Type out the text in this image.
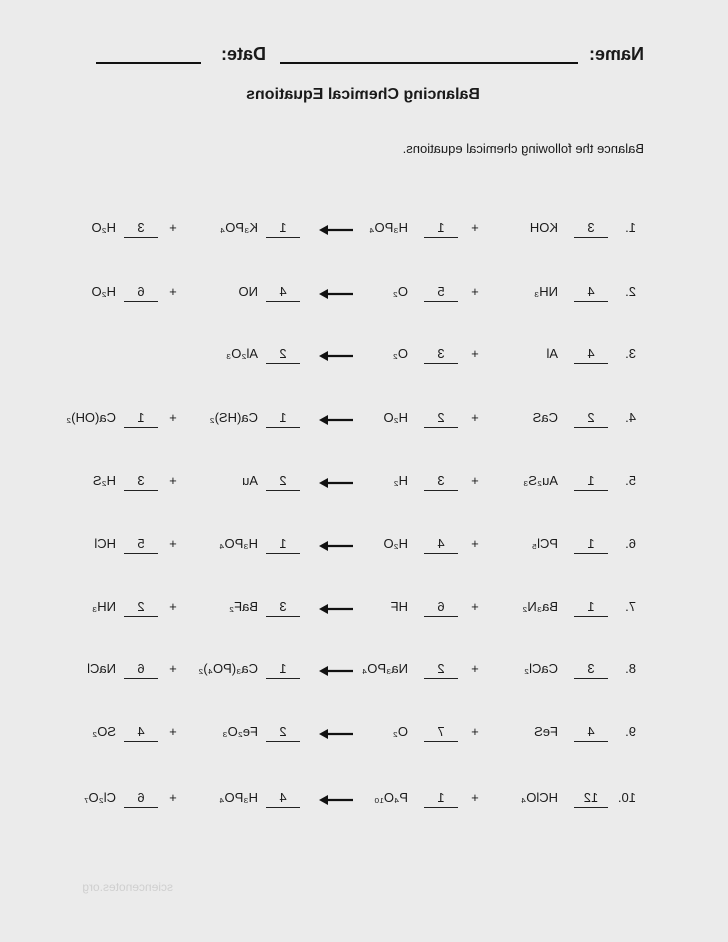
Name:
Date:
Balancing Chemical Equations
Balance the following chemical equations.
1.
3
KOH
+
1
H₃PO₄
1
K₃PO₄
+
3
H₂O
2.
4
NH₃
+
5
O₂
4
NO
+
6
H₂O
3.
4
Al
+
3
O₂
2
Al₂O₃
4.
2
CaS
+
2
H₂O
1
Ca(HS)₂
+
1
Ca(OH)₂
5.
1
Au₂S₃
+
3
H₂
2
Au
+
3
H₂S
6.
1
PCl₅
+
4
H₂O
1
H₃PO₄
+
5
HCl
7.
1
Ba₃N₂
+
6
HF
3
BaF₂
+
2
NH₃
8.
3
CaCl₂
+
2
Na₃PO₄
1
Ca₃(PO₄)₂
+
6
NaCl
9.
4
FeS
+
7
O₂
2
Fe₂O₃
+
4
SO₂
10.
12
HClO₄
+
1
P₄O₁₀
4
H₃PO₄
+
6
Cl₂O₇
sciencenotes.org
